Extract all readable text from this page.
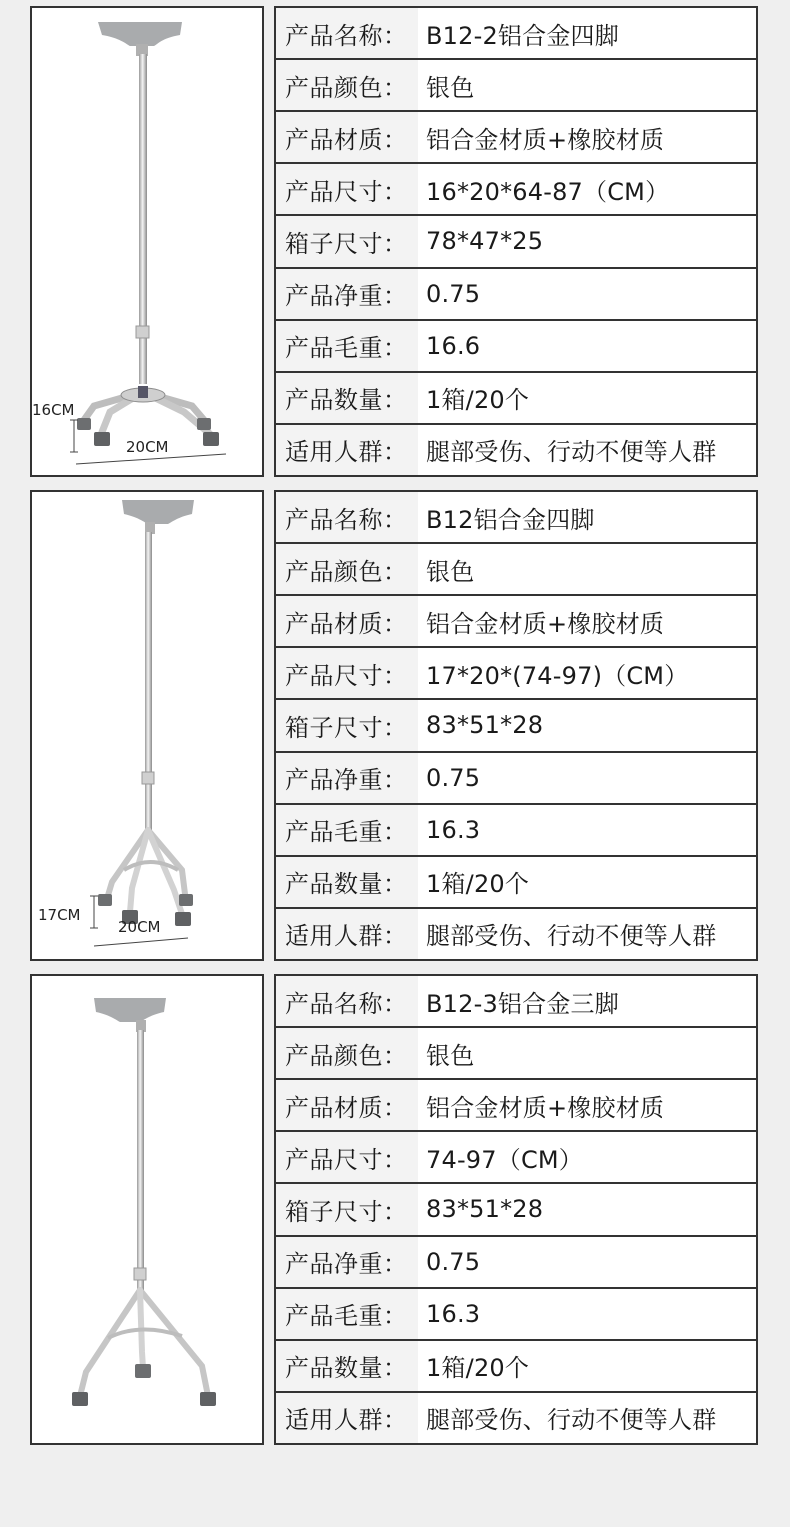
16CM
20CM
产品名称： B12-2铝合金四脚
产品颜色： 银色
产品材质： 铝合金材质+橡胶材质
产品尺寸： 16*20*64-87（CM）
箱子尺寸： 78*47*25
产品净重： 0.75
产品毛重： 16.6
产品数量： 1箱/20个
适用人群： 腿部受伤、行动不便等人群
17CM
20CM
产品名称： B12铝合金四脚
产品颜色： 银色
产品材质： 铝合金材质+橡胶材质
产品尺寸： 17*20*(74-97)（CM）
箱子尺寸： 83*51*28
产品净重： 0.75
产品毛重： 16.3
产品数量： 1箱/20个
适用人群： 腿部受伤、行动不便等人群
产品名称： B12-3铝合金三脚
产品颜色： 银色
产品材质： 铝合金材质+橡胶材质
产品尺寸： 74-97（CM）
箱子尺寸： 83*51*28
产品净重： 0.75
产品毛重： 16.3
产品数量： 1箱/20个
适用人群： 腿部受伤、行动不便等人群
